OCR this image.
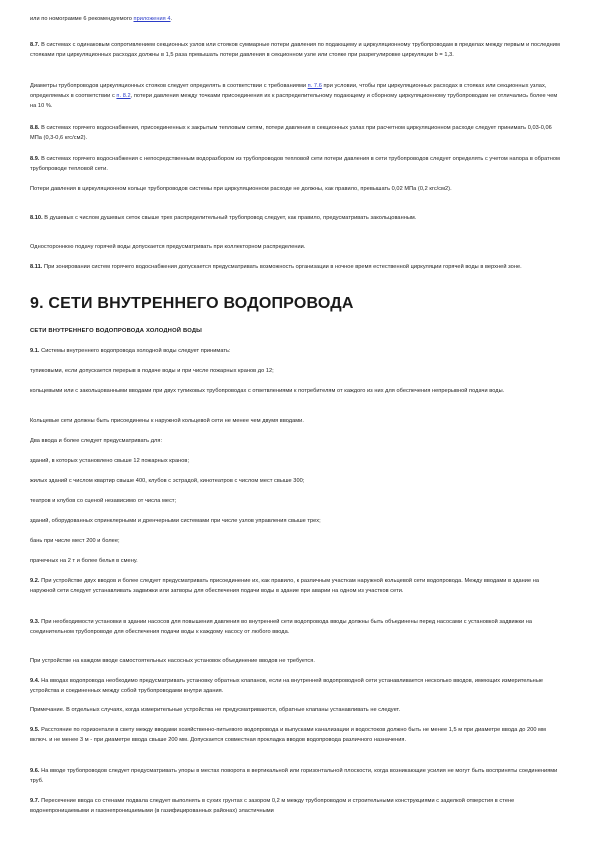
или по номограмме 6 рекомендуемого приложения 4.

8.7. В системах с одинаковым сопротивлением секционных узлов или стояков суммарные потери давления по подающему и циркуляционному трубопроводам в пределах между первым и последним стояками при циркуляционных расходах должны в 1,5 раза превышать потери давления в секционном узле или стояке при разрегулировке циркуляции b = 1,3.

Диаметры трубопроводов циркуляционных стояков следует определять в соответствии с требованиями п. 7.6 при условии, чтобы при циркуляционных расходах в стояках или секционных узлах, определяемых в соответствии с п. 8.2, потери давления между точками присоединения их к распределительному подающему и сборному циркуляционному трубопроводам не отличались более чем на 10 %.

8.8. В системах горячего водоснабжения, присоединенных к закрытым тепловым сетям, потери давления в секционных узлах при расчетном циркуляционном расходе следует принимать 0,03-0,06 МПа (0,3-0,6 кгс/см2).

8.9. В системах горячего водоснабжения с непосредственным водоразбором из трубопроводов тепловой сети потери давления в сети трубопроводов следует определять с учетом напора в обратном трубопроводе тепловой сети.

Потери давления в циркуляционном кольце трубопроводов системы при циркуляционном расходе не должны, как правило, превышать 0,02 МПа (0,2 кгс/см2).

8.10. В душевых с числом душевых сеток свыше трех распределительный трубопровод следует, как правило, предусматривать закольцованным.

Одностороннюю подачу горячей воды допускается предусматривать при коллекторном распределении.

8.11. При зонировании систем горячего водоснабжения допускается предусматривать возможность организации в ночное время естественной циркуляции горячей воды в верхней зоне.

9. СЕТИ ВНУТРЕННЕГО ВОДОПРОВОДА
СЕТИ ВНУТРЕННЕГО ВОДОПРОВОДА ХОЛОДНОЙ ВОДЫ

9.1. Системы внутреннего водопровода холодной воды следует принимать:

тупиковыми, если допускается перерыв в подаче воды и при числе пожарных кранов до 12;

кольцевыми или с закольцованными вводами при двух тупиковых трубопроводах с ответвлениями к потребителям от каждого из них для обеспечения непрерывной подачи воды.

Кольцевые сети должны быть присоединены к наружной кольцевой сети не менее чем двумя вводами.

Два ввода и более следует предусматривать для:

зданий, в которых установлено свыше 12 пожарных кранов;

жилых зданий с числом квартир свыше 400, клубов с эстрадой, кинотеатров с числом мест свыше 300;

театров и клубов со сценой независимо от числа мест;

зданий, оборудованных спринклерными и дренчерными системами при числе узлов управления свыше трех;

бань при числе мест 200 и более;

прачечных на 2 т и более белья в смену.

9.2. При устройстве двух вводов и более следует предусматривать присоединение их, как правило, к различным участкам наружной кольцевой сети водопровода. Между вводами в здание на наружной сети следует устанавливать задвижки или затворы для обеспечения подачи воды в здание при аварии на одном из участков сети.

9.3. При необходимости установки в здании насосов для повышения давления во внутренней сети водопровода вводы должны быть объединены перед насосами с установкой задвижки на соединительном трубопроводе для обеспечения подачи воды к каждому насосу от любого ввода.

При устройстве на каждом вводе самостоятельных насосных установок объединение вводов не требуется.

9.4. На вводах водопровода необходимо предусматривать установку обратных клапанов, если на внутренней водопроводной сети устанавливается несколько вводов, имеющих измерительные устройства и соединенных между собой трубопроводами внутри здания.

Примечание. В отдельных случаях, когда измерительные устройства не предусматриваются, обратные клапаны устанавливать не следует.

9.5. Расстояние по горизонтали в свету между вводами хозяйственно-питьевого водопровода и выпусками канализации и водостоков должно быть не менее 1,5 м при диаметре ввода до 200 мм включ. и не менее 3 м - при диаметре ввода свыше 200 мм. Допускается совместная прокладка вводов водопровода различного назначения.

9.6. На вводе трубопроводов следует предусматривать упоры в местах поворота в вертикальной или горизонтальной плоскости, когда возникающие усилия не могут быть восприняты соединениями труб.

9.7. Пересечение ввода со стенами подвала следует выполнять в сухих грунтах с зазором 0,2 м между трубопроводом и строительными конструкциями с заделкой отверстия в стене водонепроницаемыми и газонепроницаемыми (в газифицированных районах) эластичными
